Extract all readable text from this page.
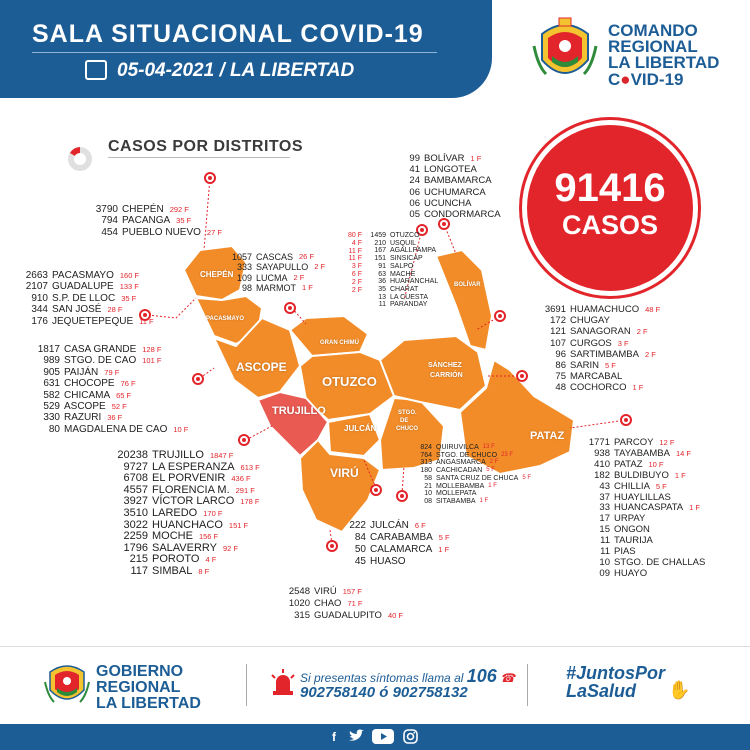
SALA SITUACIONAL COVID-19
05-04-2021 / LA LIBERTAD
COMANDO
REGIONAL
LA LIBERTAD
C●VID-19
CASOS POR DISTRITOS
91416
CASOS
CHEPÉN
PACASMAYO
ASCOPE
GRAN CHIMÚ
BOLÍVAR
OTUZCO
SÁNCHEZ
CARRIÓN
TRUJILLO
JULCÁN
STGO.
DE
CHUCO
PATAZ
VIRÚ
3790 CHEPÉN 292 F
794 PACANGA 35 F
454 PUEBLO NUEVO 27 F
2663 PACASMAYO 160 F
2107 GUADALUPE 133 F
910 S.P. DE LLOC 35 F
344 SAN JOSÉ 28 F
176 JEQUETEPEQUE 11 F
1817 CASA GRANDE 128 F
989 STGO. DE CAO 101 F
905 PAIJÁN 79 F
631 CHOCOPE 76 F
582 CHICAMA 65 F
529 ASCOPE 52 F
330 RAZURI 36 F
80 MAGDALENA DE CAO 10 F
20238 TRUJILLO 1847 F
9727 LA ESPERANZA 613 F
6708 EL PORVENIR 436 F
4557 FLORENCIA M. 291 F
3927 VÍCTOR LARCO 178 F
3510 LAREDO 170 F
3022 HUANCHACO 151 F
2259 MOCHE 156 F
1796 SALAVERRY 92 F
215 POROTO 4 F
117 SIMBAL 8 F
1057 CASCAS 26 F
333 SAYAPULLO 2 F
109 LUCMA 2 F
98 MARMOT 1 F
80 F
4 F
11 F
11 F
3 F
6 F
2 F
2 F
1459 OTUZCO
210 USQUIL
167 AGALLPAMPA
151 SINSICAP
91 SALPO
63 MACHE
36 HUARANCHAL
35 CHARAT
13 LA CUESTA
11 PARANDAY
99 BOLÍVAR 1 F
41 LONGOTEA
24 BAMBAMARCA
06 UCHUMARCA
06 UCUNCHA
05 CONDORMARCA
3691 HUAMACHUCO 48 F
172 CHUGAY
121 SANAGORAN 2 F
107 CURGOS 3 F
96 SARTIMBAMBA 2 F
86 SARIN 5 F
75 MARCABAL
48 COCHORCO 1 F
824 QUIRUVILCA 13 F
764 STGO. DE CHUCO 23 F
313 ANGASMARCA 2 F
180 CACHICADAN 5 F
58 SANTA CRUZ DE CHUCA 5 F
21 MOLLEBAMBA 1 F
10 MOLLEPATA
08 SITABAMBA 1 F
222 JULCÁN 6 F
84 CARABAMBA 5 F
50 CALAMARCA 1 F
45 HUASO
2548 VIRÚ 157 F
1020 CHAO 71 F
315 GUADALUPITO 40 F
1771 PARCOY 12 F
938 TAYABAMBA 14 F
410 PATAZ 10 F
182 BULDIBUYO 1 F
43 CHILLIA 5 F
37 HUAYLILLAS
33 HUANCASPATA 1 F
17 URPAY
15 ONGON
11 TAURIJA
11 PIAS
10 STGO. DE CHALLAS
09 HUAYO
GOBIERNO
REGIONAL
LA LIBERTAD
Si presentas síntomas llama al 106 ☎
902758140 ó 902758132
#JuntosPor
LaSalud ✋
f
